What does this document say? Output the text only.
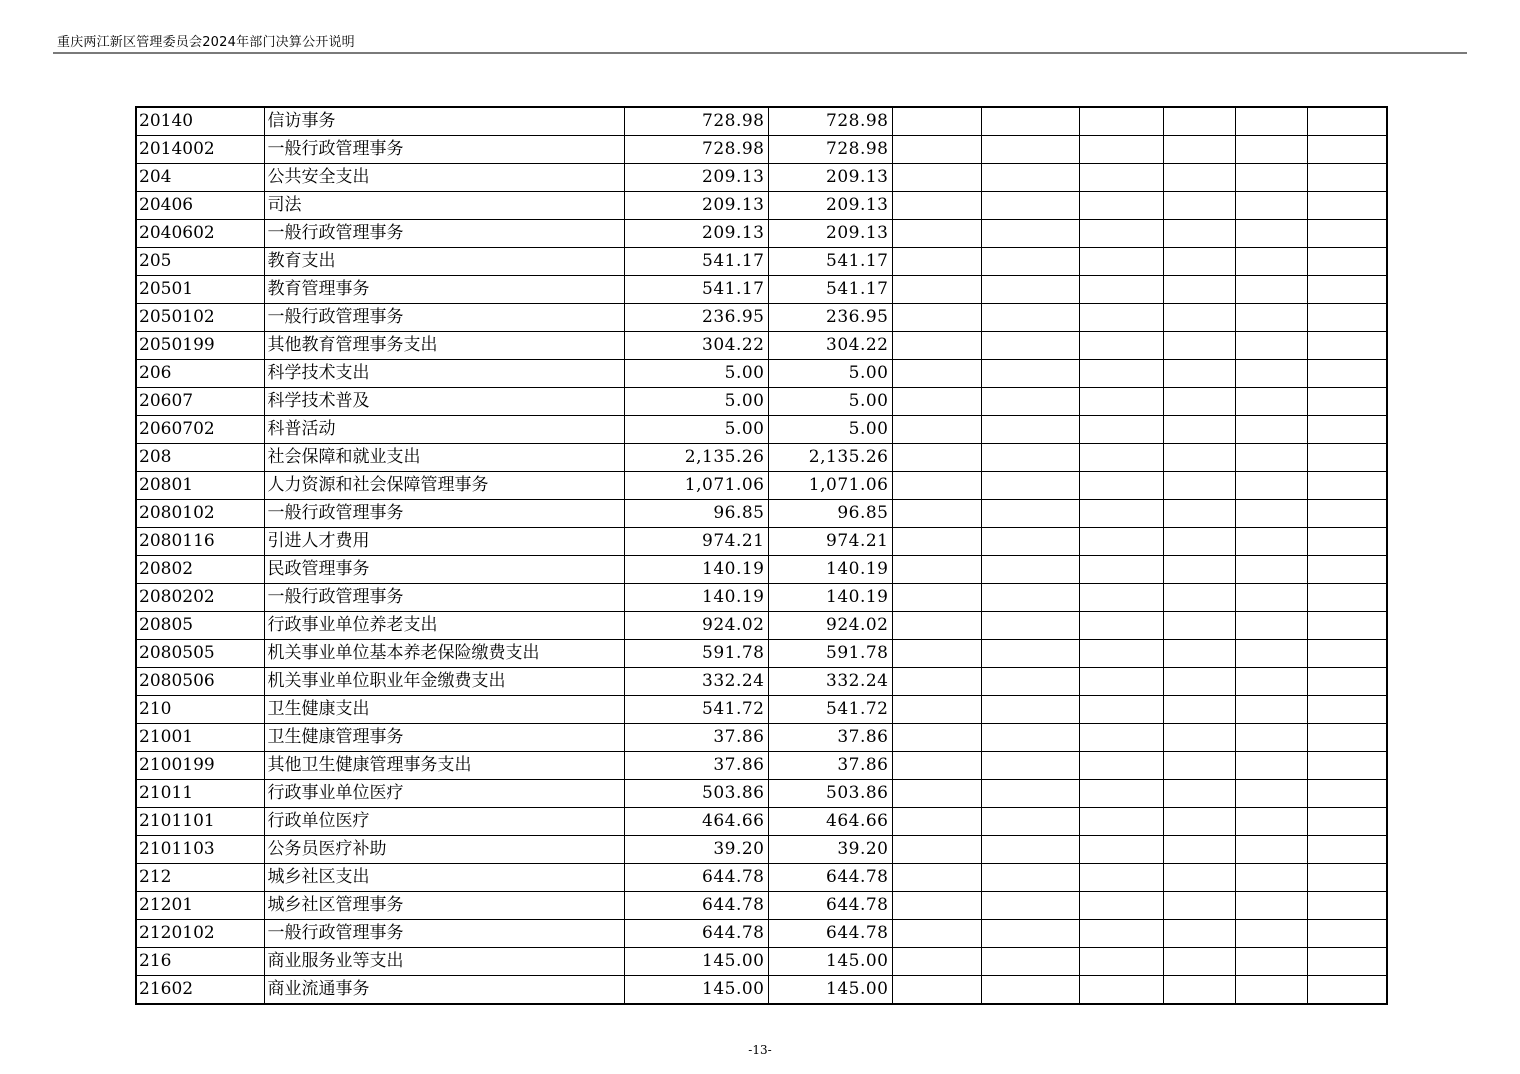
重庆两江新区管理委员会2024年部门决算公开说明
20140	信访事务	728.98	728.98						
2014002	一般行政管理事务	728.98	728.98						
204	公共安全支出	209.13	209.13						
20406	司法	209.13	209.13						
2040602	一般行政管理事务	209.13	209.13						
205	教育支出	541.17	541.17						
20501	教育管理事务	541.17	541.17						
2050102	一般行政管理事务	236.95	236.95						
2050199	其他教育管理事务支出	304.22	304.22						
206	科学技术支出	5.00	5.00						
20607	科学技术普及	5.00	5.00						
2060702	科普活动	5.00	5.00						
208	社会保障和就业支出	2,135.26	2,135.26						
20801	人力资源和社会保障管理事务	1,071.06	1,071.06						
2080102	一般行政管理事务	96.85	96.85						
2080116	引进人才费用	974.21	974.21						
20802	民政管理事务	140.19	140.19						
2080202	一般行政管理事务	140.19	140.19						
20805	行政事业单位养老支出	924.02	924.02						
2080505	机关事业单位基本养老保险缴费支出	591.78	591.78						
2080506	机关事业单位职业年金缴费支出	332.24	332.24						
210	卫生健康支出	541.72	541.72						
21001	卫生健康管理事务	37.86	37.86						
2100199	其他卫生健康管理事务支出	37.86	37.86						
21011	行政事业单位医疗	503.86	503.86						
2101101	行政单位医疗	464.66	464.66						
2101103	公务员医疗补助	39.20	39.20						
212	城乡社区支出	644.78	644.78						
21201	城乡社区管理事务	644.78	644.78						
2120102	一般行政管理事务	644.78	644.78						
216	商业服务业等支出	145.00	145.00						
21602	商业流通事务	145.00	145.00						
-13-
